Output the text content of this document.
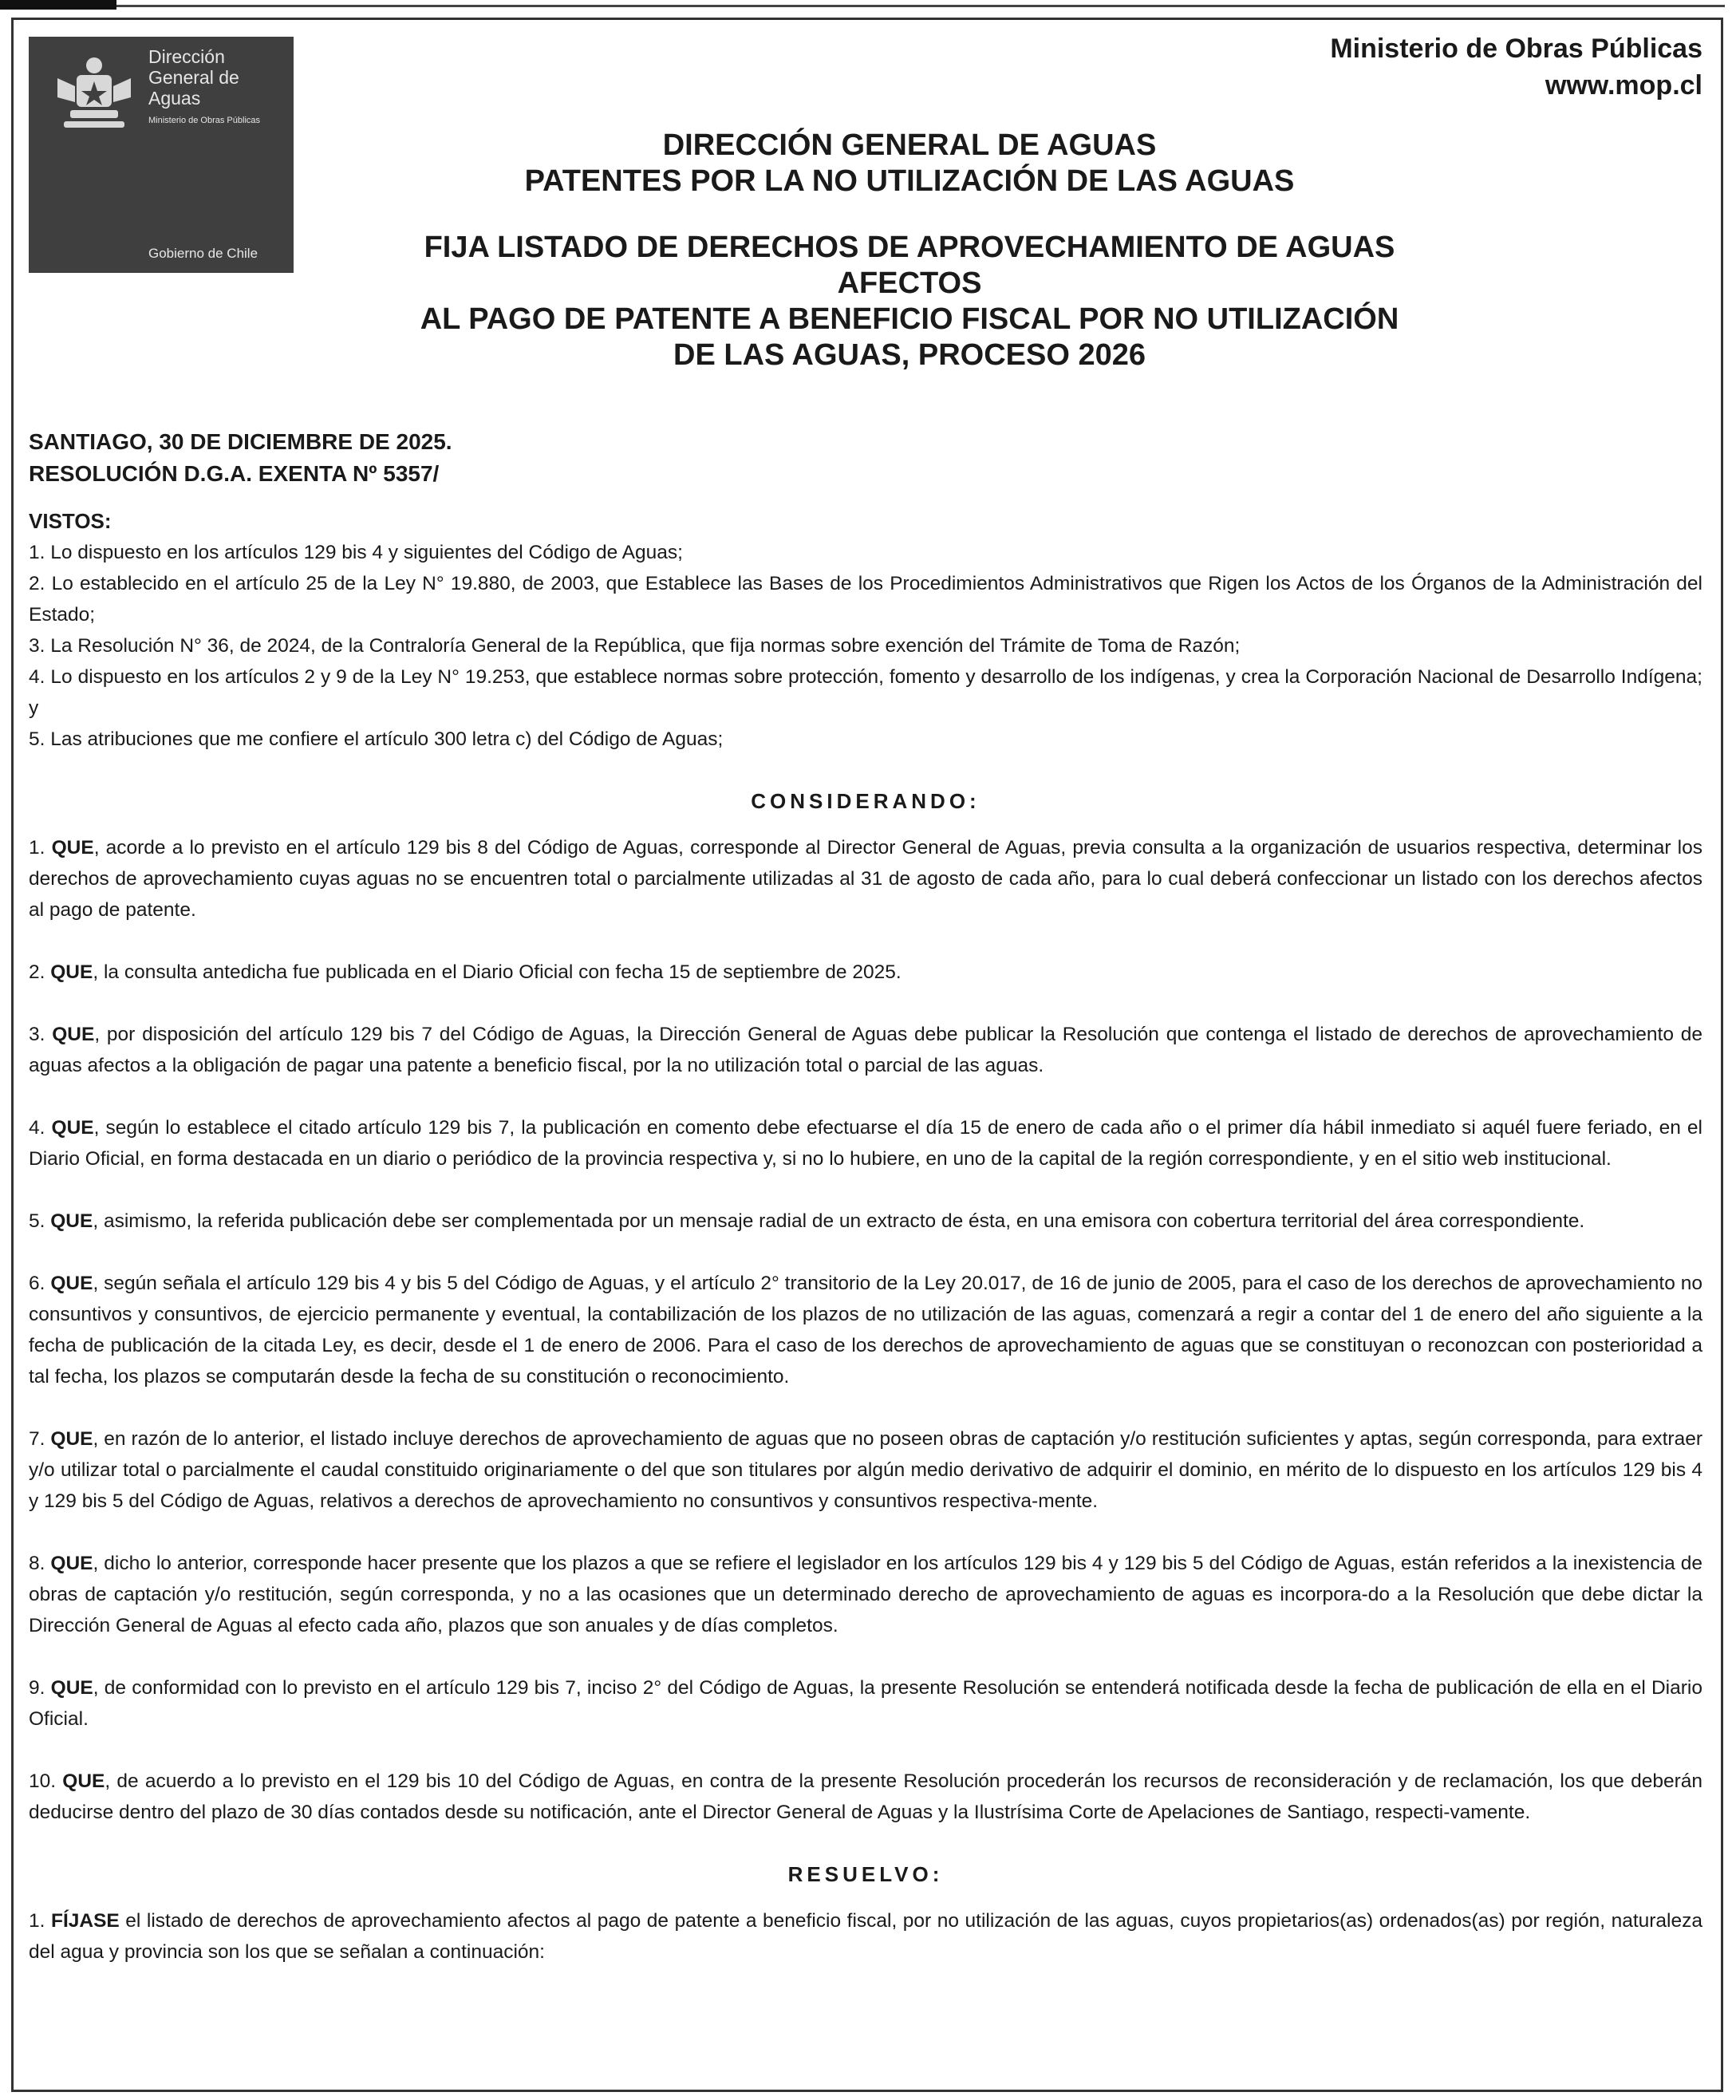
Dirección General de Aguas
Ministerio de Obras Públicas
Gobierno de Chile
Ministerio de Obras Públicas
www.mop.cl
DIRECCIÓN GENERAL DE AGUAS
PATENTES POR LA NO UTILIZACIÓN DE LAS AGUAS
FIJA LISTADO DE DERECHOS DE APROVECHAMIENTO DE AGUAS AFECTOS
AL PAGO DE PATENTE A BENEFICIO FISCAL POR NO UTILIZACIÓN
DE LAS AGUAS, PROCESO 2026
SANTIAGO, 30 DE DICIEMBRE DE 2025.
RESOLUCIÓN D.G.A. EXENTA Nº 5357/

VISTOS:

1. Lo dispuesto en los artículos 129 bis 4 y siguientes del Código de Aguas;

2. Lo establecido en el artículo 25 de la Ley N° 19.880, de 2003, que Establece las Bases de los Procedimientos Administrativos que Rigen los Actos de los Órganos de la Administración del Estado;

3. La Resolución N° 36, de 2024, de la Contraloría General de la República, que fija normas sobre exención del Trámite de Toma de Razón;

4. Lo dispuesto en los artículos 2 y 9 de la Ley N° 19.253, que establece normas sobre protección, fomento y desarrollo de los indígenas, y crea la Corporación Nacional de Desarrollo Indígena; y

5. Las atribuciones que me confiere el artículo 300 letra c) del Código de Aguas;

CONSIDERANDO:

1. QUE, acorde a lo previsto en el artículo 129 bis 8 del Código de Aguas, corresponde al Director General de Aguas, previa consulta a la organización de usuarios respectiva, determinar los derechos de aprovechamiento cuyas aguas no se encuentren total o parcialmente utilizadas al 31 de agosto de cada año, para lo cual deberá confeccionar un listado con los derechos afectos al pago de patente.

2. QUE, la consulta antedicha fue publicada en el Diario Oficial con fecha 15 de septiembre de 2025.

3. QUE, por disposición del artículo 129 bis 7 del Código de Aguas, la Dirección General de Aguas debe publicar la Resolución que contenga el listado de derechos de aprovechamiento de aguas afectos a la obligación de pagar una patente a beneficio fiscal, por la no utilización total o parcial de las aguas.

4. QUE, según lo establece el citado artículo 129 bis 7, la publicación en comento debe efectuarse el día 15 de enero de cada año o el primer día hábil inmediato si aquél fuere feriado, en el Diario Oficial, en forma destacada en un diario o periódico de la provincia respectiva y, si no lo hubiere, en uno de la capital de la región correspondiente, y en el sitio web institucional.

5. QUE, asimismo, la referida publicación debe ser complementada por un mensaje radial de un extracto de ésta, en una emisora con cobertura territorial del área correspondiente.

6. QUE, según señala el artículo 129 bis 4 y bis 5 del Código de Aguas, y el artículo 2° transitorio de la Ley 20.017, de 16 de junio de 2005, para el caso de los derechos de aprovechamiento no consuntivos y consuntivos, de ejercicio permanente y eventual, la contabilización de los plazos de no utilización de las aguas, comenzará a regir a contar del 1 de enero del año siguiente a la fecha de publicación de la citada Ley, es decir, desde el 1 de enero de 2006. Para el caso de los derechos de aprovechamiento de aguas que se constituyan o reconozcan con posterioridad a tal fecha, los plazos se computarán desde la fecha de su constitución o reconocimiento.

7. QUE, en razón de lo anterior, el listado incluye derechos de aprovechamiento de aguas que no poseen obras de captación y/o restitución suficientes y aptas, según corresponda, para extraer y/o utilizar total o parcialmente el caudal constituido originariamente o del que son titulares por algún medio derivativo de adquirir el dominio, en mérito de lo dispuesto en los artículos 129 bis 4 y 129 bis 5 del Código de Aguas, relativos a derechos de aprovechamiento no consuntivos y consuntivos respectiva-mente.

8. QUE, dicho lo anterior, corresponde hacer presente que los plazos a que se refiere el legislador en los artículos 129 bis 4 y 129 bis 5 del Código de Aguas, están referidos a la inexistencia de obras de captación y/o restitución, según corresponda, y no a las ocasiones que un determinado derecho de aprovechamiento de aguas es incorpora-do a la Resolución que debe dictar la Dirección General de Aguas al efecto cada año, plazos que son anuales y de días completos.

9. QUE, de conformidad con lo previsto en el artículo 129 bis 7, inciso 2° del Código de Aguas, la presente Resolución se entenderá notificada desde la fecha de publicación de ella en el Diario Oficial.

10. QUE, de acuerdo a lo previsto en el 129 bis 10 del Código de Aguas, en contra de la presente Resolución procederán los recursos de reconsideración y de reclamación, los que deberán deducirse dentro del plazo de 30 días contados desde su notificación, ante el Director General de Aguas y la Ilustrísima Corte de Apelaciones de Santiago, respecti-vamente.

RESUELVO:

1. FÍJASE el listado de derechos de aprovechamiento afectos al pago de patente a beneficio fiscal, por no utilización de las aguas, cuyos propietarios(as) ordenados(as) por región, naturaleza del agua y provincia son los que se señalan a continuación:
